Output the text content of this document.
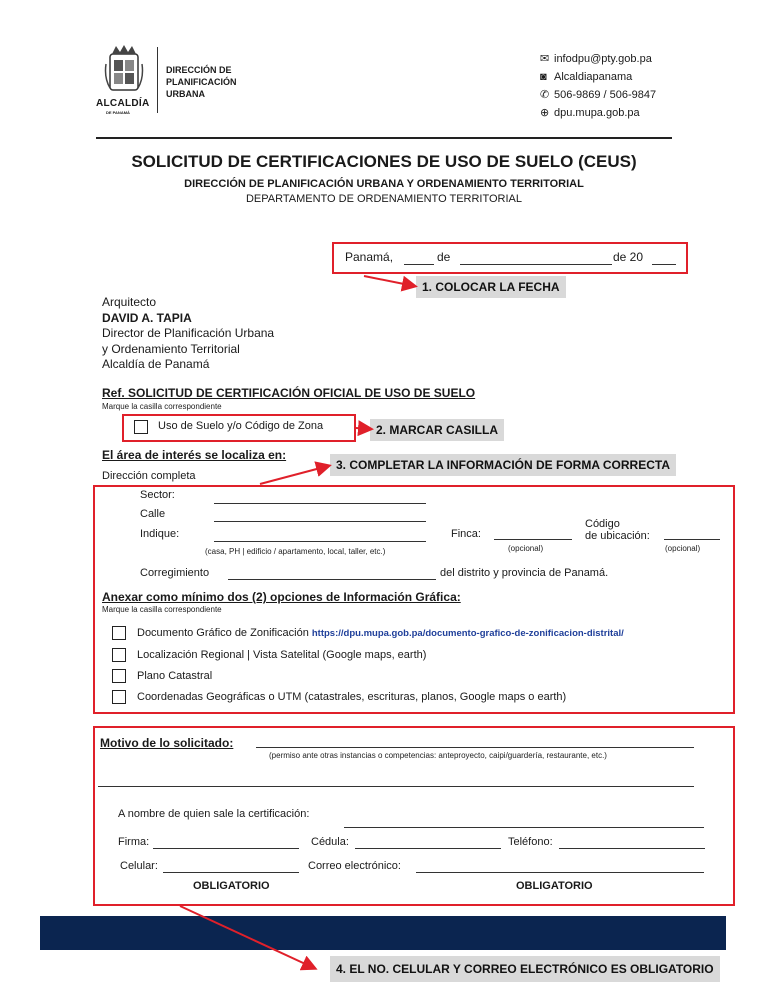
ALCALDÍA
DE PANAMÁ
DIRECCIÓN DE
PLANIFICACIÓN
URBANA
✉ infodpu@pty.gob.pa
◙ Alcaldiapanama
✆ 506-9869 / 506-9847
⊕ dpu.mupa.gob.pa
SOLICITUD DE CERTIFICACIONES DE USO DE SUELO (CEUS)
DIRECCIÓN DE PLANIFICACIÓN URBANA Y ORDENAMIENTO TERRITORIAL
DEPARTAMENTO DE ORDENAMIENTO TERRITORIAL
Panamá,	de	de 20
1. COLOCAR LA FECHA
Arquitecto
DAVID A. TAPIA
Director de Planificación Urbana
y Ordenamiento Territorial
Alcaldía de Panamá
Ref. SOLICITUD DE CERTIFICACIÓN OFICIAL DE USO DE SUELO
Marque la casilla correspondiente
Uso de Suelo y/o Código de Zona	2. MARCAR CASILLA
El área de interés se localiza en:
3. COMPLETAR LA INFORMACIÓN DE FORMA CORRECTA
Dirección completa
Sector:
Calle
Indique:
(casa, PH | edificio / apartamento, local, taller, etc.)
Finca:
(opcional)
Código
de ubicación:
(opcional)
Corregimiento	del distrito y provincia de Panamá.
Anexar como mínimo dos (2) opciones de Información Gráfica:
Marque la casilla correspondiente
Documento Gráfico de Zonificación https://dpu.mupa.gob.pa/documento-grafico-de-zonificacion-distrital/
Localización Regional | Vista Satelital (Google maps, earth)
Plano Catastral
Coordenadas Geográficas o UTM (catastrales, escrituras, planos, Google maps o earth)
Motivo de lo solicitado:
(permiso ante otras instancias o competencias: anteproyecto, caipi/guardería, restaurante, etc.)
A nombre de quien sale la certificación:
Firma:	Cédula:	Teléfono:
Celular:	Correo electrónico:
OBLIGATORIO	OBLIGATORIO
4. EL NO. CELULAR Y CORREO ELECTRÓNICO ES OBLIGATORIO
